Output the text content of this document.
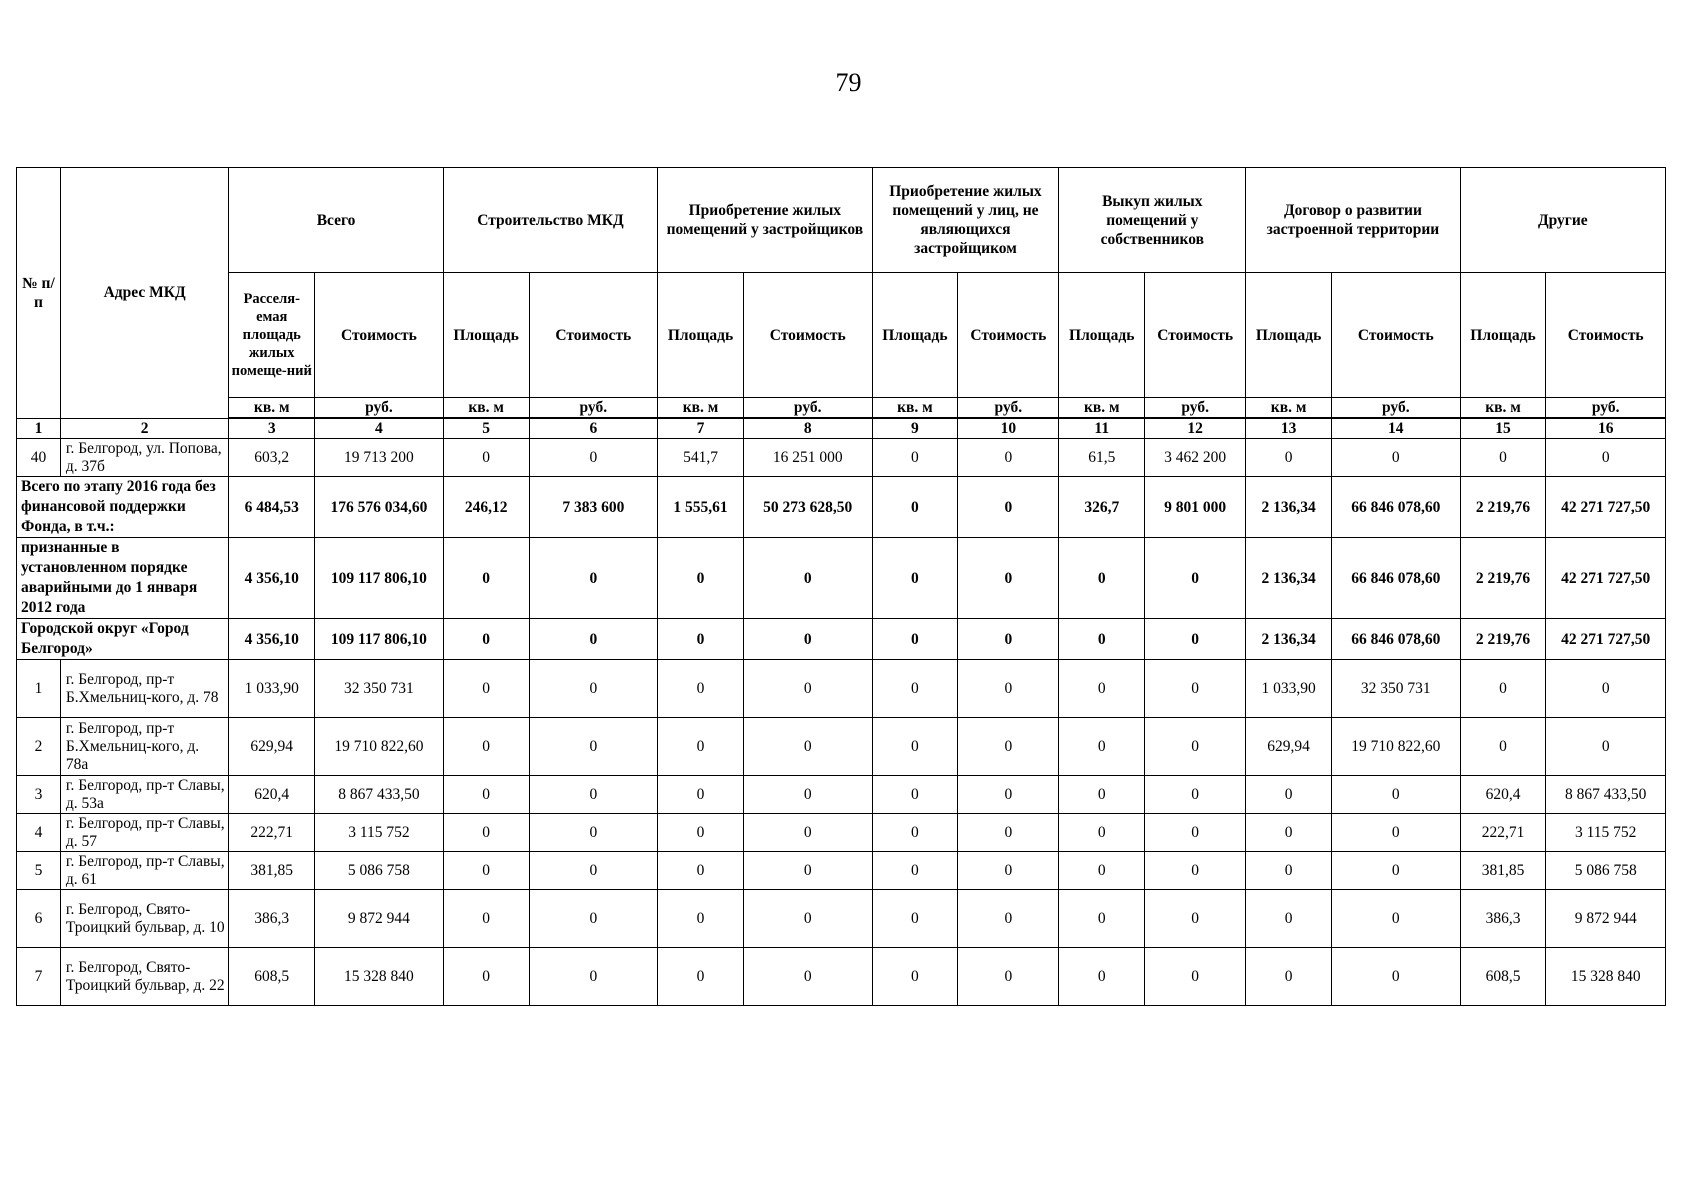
79
№ п/п	Адрес МКД	Всего		Строительство МКД		Приобретение жилых помещений у застройщиков		Приобретение жилых помещений у лиц, не являющихся застройщиком		Выкуп жилых помещений у собственников		Договор о развитии застроенной территории		Другие	
		Расселя-емая площадь жилых помеще-ний	Стоимость	Площадь	Стоимость	Площадь	Стоимость	Площадь	Стоимость	Площадь	Стоимость	Площадь	Стоимость	Площадь	Стоимость
		кв. м	руб.	кв. м	руб.	кв. м	руб.	кв. м	руб.	кв. м	руб.	кв. м	руб.	кв. м	руб.
1	2	3	4	5	6	7	8	9	10	11	12	13	14	15	16
40	г. Белгород, ул. Попова, д. 37б	603,2	19 713 200	0	0	541,7	16 251 000	0	0	61,5	3 462 200	0	0	0	0
Всего по этапу 2016 года без финансовой поддержки Фонда, в т.ч.:		6 484,53	176 576 034,60	246,12	7 383 600	1 555,61	50 273 628,50	0	0	326,7	9 801 000	2 136,34	66 846 078,60	2 219,76	42 271 727,50
признанные в установленном порядке аварийными до 1 января 2012 года		4 356,10	109 117 806,10	0	0	0	0	0	0	0	0	2 136,34	66 846 078,60	2 219,76	42 271 727,50
Городской округ «Город Белгород»		4 356,10	109 117 806,10	0	0	0	0	0	0	0	0	2 136,34	66 846 078,60	2 219,76	42 271 727,50
1	г. Белгород, пр-т Б.Хмельниц-кого, д. 78	1 033,90	32 350 731	0	0	0	0	0	0	0	0	1 033,90	32 350 731	0	0
2	г. Белгород, пр-т Б.Хмельниц-кого, д. 78а	629,94	19 710 822,60	0	0	0	0	0	0	0	0	629,94	19 710 822,60	0	0
3	г. Белгород, пр-т Славы, д. 53а	620,4	8 867 433,50	0	0	0	0	0	0	0	0	0	0	620,4	8 867 433,50
4	г. Белгород, пр-т Славы, д. 57	222,71	3 115 752	0	0	0	0	0	0	0	0	0	0	222,71	3 115 752
5	г. Белгород, пр-т Славы, д. 61	381,85	5 086 758	0	0	0	0	0	0	0	0	0	0	381,85	5 086 758
6	г. Белгород, Свято-Троицкий бульвар, д. 10	386,3	9 872 944	0	0	0	0	0	0	0	0	0	0	386,3	9 872 944
7	г. Белгород, Свято-Троицкий бульвар, д. 22	608,5	15 328 840	0	0	0	0	0	0	0	0	0	0	608,5	15 328 840
